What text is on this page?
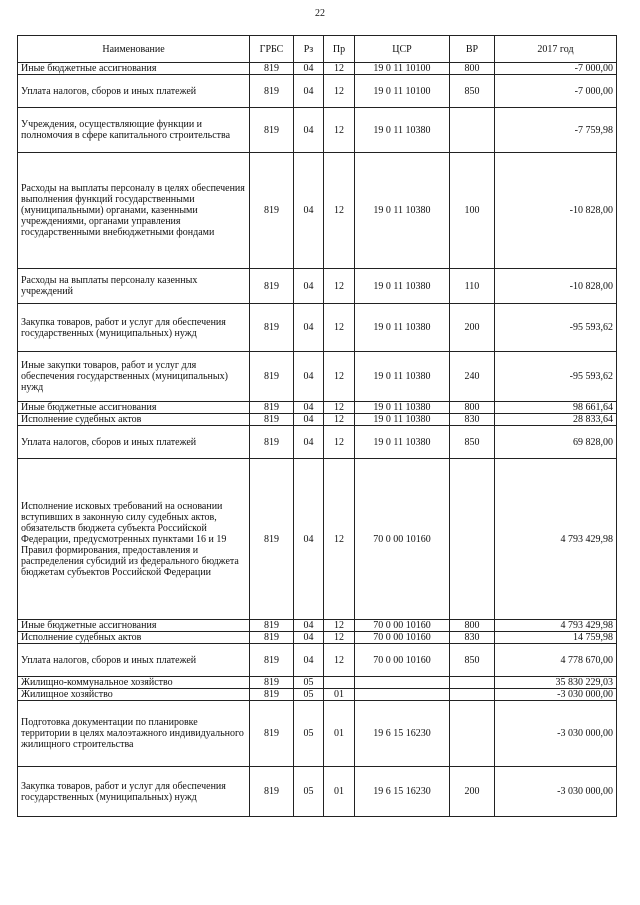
22
Наименование	ГРБС	Рз	Пр	ЦСР	ВР	2017 год
Иные бюджетные ассигнования	819	04	12	19 0 11 10100	800	-7 000,00
Уплата налогов, сборов и иных платежей	819	04	12	19 0 11 10100	850	-7 000,00
Учреждения, осуществляющие функции и полномочия в сфере капитального строительства	819	04	12	19 0 11 10380		-7 759,98
Расходы на выплаты персоналу в целях обеспечения выполнения функций государственными (муниципальными) органами, казенными учреждениями, органами управления государственными внебюджетными фондами	819	04	12	19 0 11 10380	100	-10 828,00
Расходы на выплаты персоналу казенных учреждений	819	04	12	19 0 11 10380	110	-10 828,00
Закупка товаров, работ и услуг для обеспечения государственных (муниципальных) нужд	819	04	12	19 0 11 10380	200	-95 593,62
Иные закупки товаров, работ и услуг для обеспечения государственных (муниципальных) нужд	819	04	12	19 0 11 10380	240	-95 593,62
Иные бюджетные ассигнования	819	04	12	19 0 11 10380	800	98 661,64
Исполнение судебных актов	819	04	12	19 0 11 10380	830	28 833,64
Уплата налогов, сборов и иных платежей	819	04	12	19 0 11 10380	850	69 828,00
Исполнение исковых требований на основании вступивших в законную силу судебных актов, обязательств бюджета субъекта Российской Федерации, предусмотренных пунктами 16 и 19 Правил формирования, предоставления и распределения субсидий из федерального бюджета бюджетам субъектов Российской Федерации	819	04	12	70 0 00 10160		4 793 429,98
Иные бюджетные ассигнования	819	04	12	70 0 00 10160	800	4 793 429,98
Исполнение судебных актов	819	04	12	70 0 00 10160	830	14 759,98
Уплата налогов, сборов и иных платежей	819	04	12	70 0 00 10160	850	4 778 670,00
Жилищно-коммунальное хозяйство	819	05				35 830 229,03
Жилищное хозяйство	819	05	01			-3 030 000,00
Подготовка документации по планировке территории в целях малоэтажного индивидуального жилищного строительства	819	05	01	19 6 15 16230		-3 030 000,00
Закупка товаров, работ и услуг для обеспечения государственных (муниципальных) нужд	819	05	01	19 6 15 16230	200	-3 030 000,00
